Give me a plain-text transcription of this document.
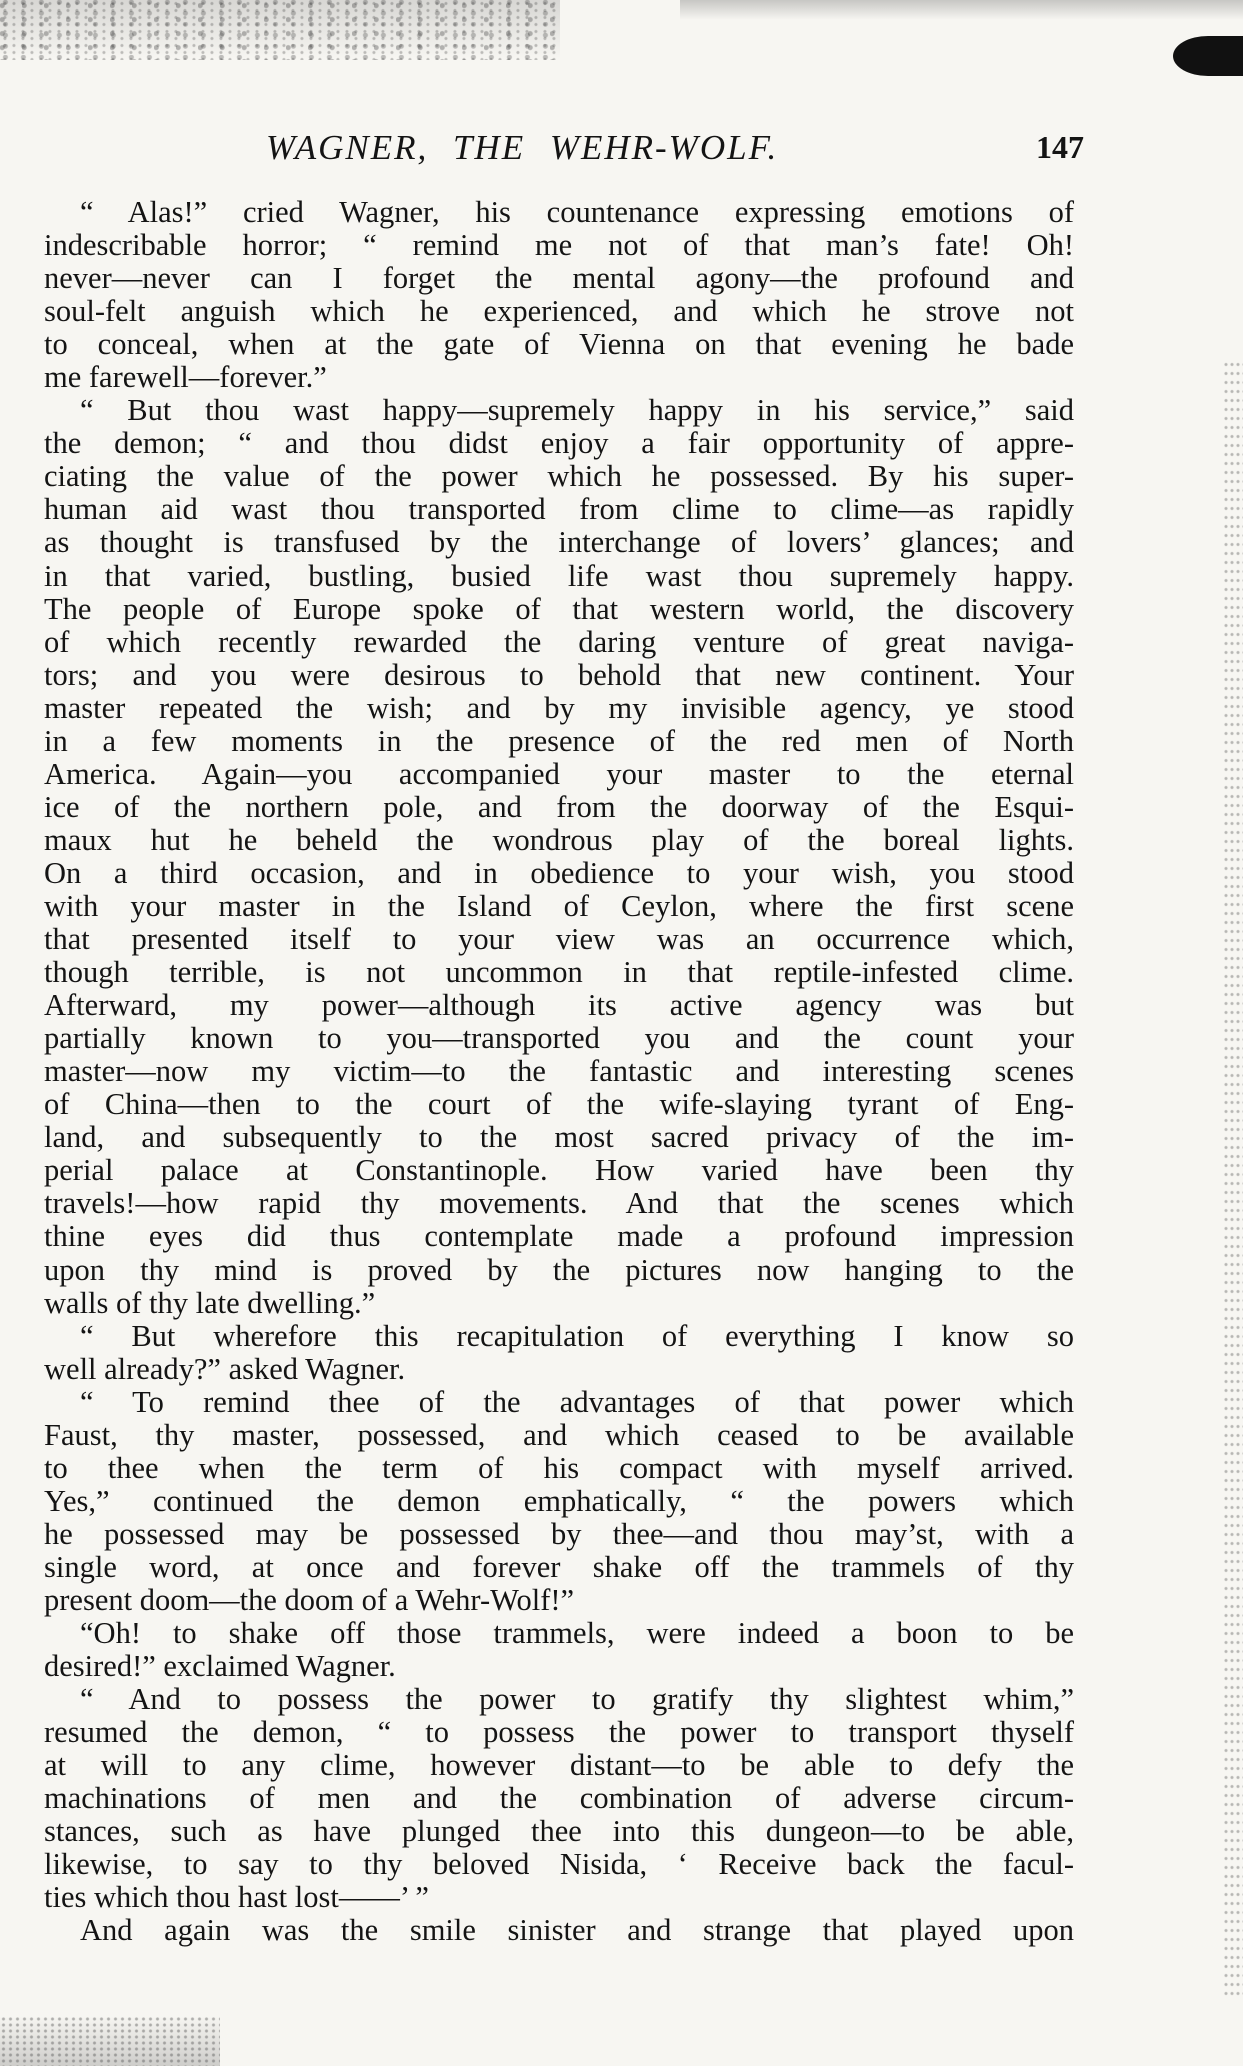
WAGNER, THE WEHR-WOLF.	147
“ Alas!” cried Wagner, his countenance expressing emotions of
indescribable horror; “ remind me not of that man’s fate! Oh!
never—never can I forget the mental agony—the profound and
soul-felt anguish which he experienced, and which he strove not
to conceal, when at the gate of Vienna on that evening he bade
me farewell—forever.”
“ But thou wast happy—supremely happy in his service,” said
the demon; “ and thou didst enjoy a fair opportunity of appre-
ciating the value of the power which he possessed. By his super-
human aid wast thou transported from clime to clime—as rapidly
as thought is transfused by the interchange of lovers’ glances; and
in that varied, bustling, busied life wast thou supremely happy.
The people of Europe spoke of that western world, the discovery
of which recently rewarded the daring venture of great naviga-
tors; and you were desirous to behold that new continent. Your
master repeated the wish; and by my invisible agency, ye stood
in a few moments in the presence of the red men of North
America. Again—you accompanied your master to the eternal
ice of the northern pole, and from the doorway of the Esqui-
maux hut he beheld the wondrous play of the boreal lights.
On a third occasion, and in obedience to your wish, you stood
with your master in the Island of Ceylon, where the first scene
that presented itself to your view was an occurrence which,
though terrible, is not uncommon in that reptile-infested clime.
Afterward, my power—although its active agency was but
partially known to you—transported you and the count your
master—now my victim—to the fantastic and interesting scenes
of China—then to the court of the wife-slaying tyrant of Eng-
land, and subsequently to the most sacred privacy of the im-
perial palace at Constantinople. How varied have been thy
travels!—how rapid thy movements. And that the scenes which
thine eyes did thus contemplate made a profound impression
upon thy mind is proved by the pictures now hanging to the
walls of thy late dwelling.”
“ But wherefore this recapitulation of everything I know so
well already?” asked Wagner.
“ To remind thee of the advantages of that power which
Faust, thy master, possessed, and which ceased to be available
to thee when the term of his compact with myself arrived.
Yes,” continued the demon emphatically, “ the powers which
he possessed may be possessed by thee—and thou may’st, with a
single word, at once and forever shake off the trammels of thy
present doom—the doom of a Wehr-Wolf!”
“Oh! to shake off those trammels, were indeed a boon to be
desired!” exclaimed Wagner.
“ And to possess the power to gratify thy slightest whim,”
resumed the demon, “ to possess the power to transport thyself
at will to any clime, however distant—to be able to defy the
machinations of men and the combination of adverse circum-
stances, such as have plunged thee into this dungeon—to be able,
likewise, to say to thy beloved Nisida, ‘ Receive back the facul-
ties which thou hast lost——’ ”
And again was the smile sinister and strange that played upon
